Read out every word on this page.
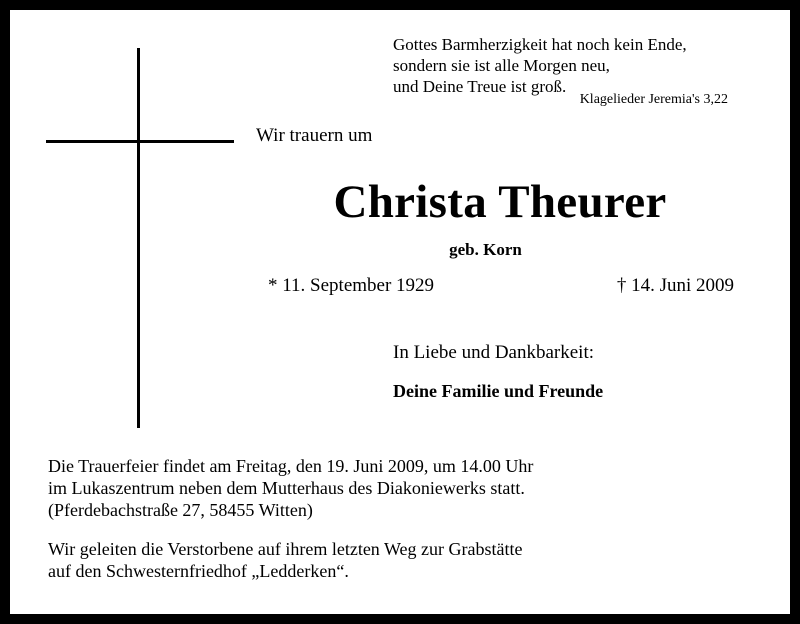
Gottes Barmherzigkeit hat noch kein Ende,
sondern sie ist alle Morgen neu,
und Deine Treue ist groß.
Klagelieder Jeremia's 3,22
Wir trauern um
Christa Theurer
geb. Korn
* 11. September 1929	† 14. Juni 2009
In Liebe und Dankbarkeit:
Deine Familie und Freunde
Die Trauerfeier findet am Freitag, den 19. Juni 2009, um 14.00 Uhr
im Lukaszentrum neben dem Mutterhaus des Diakoniewerks statt.
(Pferdebachstraße 27, 58455 Witten)
Wir geleiten die Verstorbene auf ihrem letzten Weg zur Grabstätte
auf den Schwesternfriedhof „Ledderken“.
